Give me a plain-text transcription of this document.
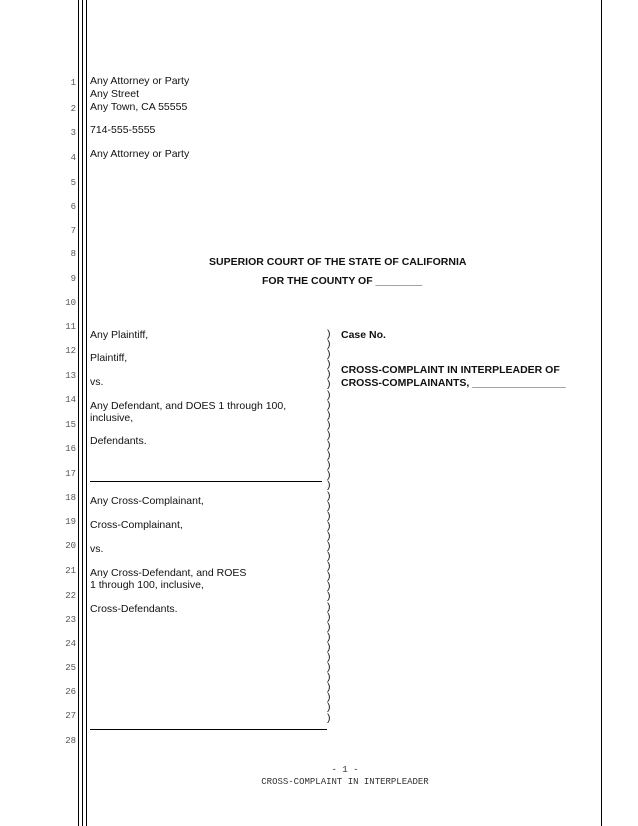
1
2
3
4
5
6
7
8
9
10
11
12
13
14
15
16
17
18
19
20
21
22
23
24
25
26
27
28
Any Attorney or Party
Any Street
Any Town, CA 55555
714-555-5555
Any Attorney or Party
SUPERIOR COURT OF THE STATE OF CALIFORNIA
FOR THE COUNTY OF ________
Any Plaintiff,
Plaintiff,
vs.
Any Defendant, and DOES 1 through 100,
inclusive,
Defendants.
Any Cross-Complainant,
Cross-Complainant,
vs.
Any Cross-Defendant, and ROES
1 through 100, inclusive,
Cross-Defendants.
)
)
)
)
)
)
)
)
)
)
)
)
)
)
)
)
)
)
)
)
)
)
)
)
)
)
)
)
)
)
)
)
)
)
)
)
)
)
)
Case No.
CROSS-COMPLAINT IN INTERPLEADER OF
CROSS-COMPLAINANTS, ________________
- 1 -
CROSS-COMPLAINT IN INTERPLEADER
